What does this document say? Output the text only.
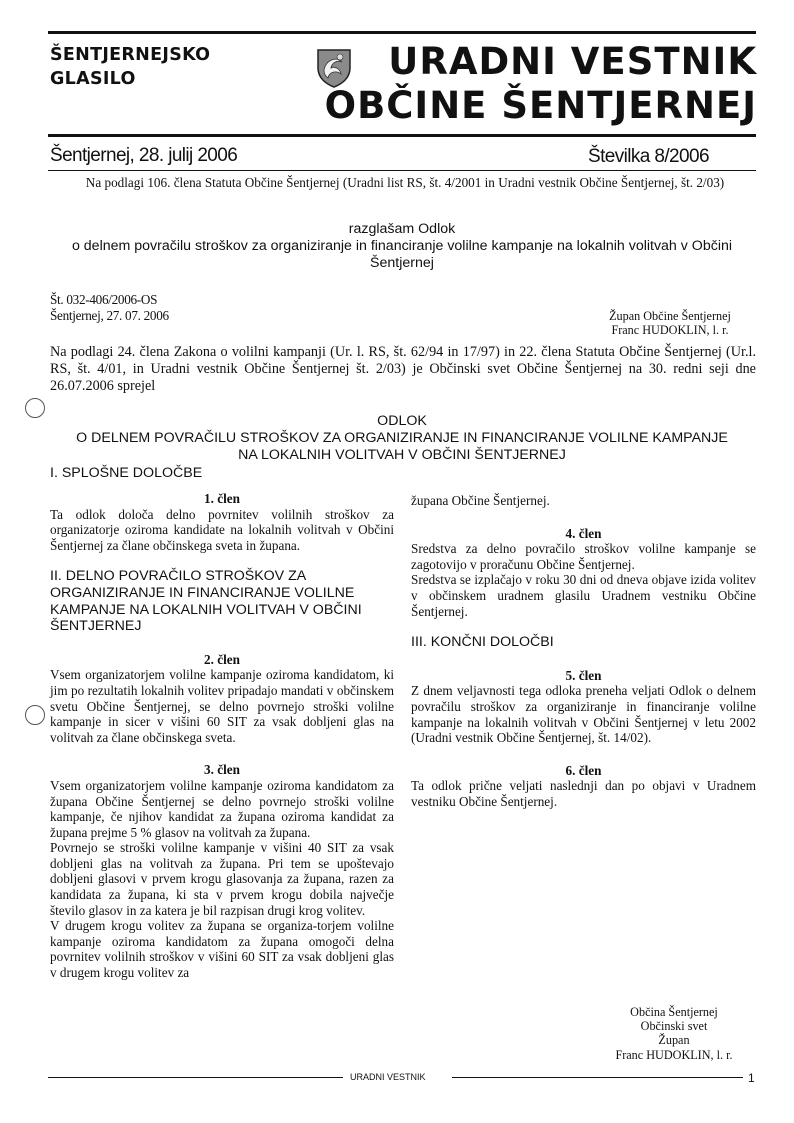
ŠENTJERNEJSKO
GLASILO	URADNI VESTNIK
OBČINE ŠENTJERNEJ
Šentjernej, 28. julij 2006	Številka 8/2006
Na podlagi 106. člena Statuta Občine Šentjernej (Uradni list RS, št. 4/2001 in Uradni vestnik Občine Šentjernej, št. 2/03)
razglašam Odlok
o delnem povračilu stroškov za organiziranje in financiranje volilne kampanje na lokalnih volitvah v Občini Šentjernej
Št. 032-406/2006-OS
Šentjernej, 27. 07. 2006	Župan Občine Šentjernej
Franc HUDOKLIN, l. r.
Na podlagi 24. člena Zakona o volilni kampanji (Ur. l. RS, št. 62/94 in 17/97) in 22. člena Statuta Občine Šentjernej (Ur.l. RS, št. 4/01, in Uradni vestnik Občine Šentjernej št. 2/03) je Občinski svet Občine Šentjernej na 30. redni seji dne 26.07.2006 sprejel
ODLOK
O DELNEM POVRAČILU STROŠKOV ZA ORGANIZIRANJE IN FINANCIRANJE VOLILNE KAMPANJE NA LOKALNIH VOLITVAH V OBČINI ŠENTJERNEJ
I. SPLOŠNE DOLOČBE
1. člen

Ta odlok določa delno povrnitev volilnih stroškov za organizatorje oziroma kandidate na lokalnih volitvah v Občini Šentjernej za člane občinskega sveta in župana.

II. DELNO POVRAČILO STROŠKOV ZA ORGANIZIRANJE IN FINANCIRANJE VOLILNE KAMPANJE NA LOKALNIH VOLITVAH V OBČINI ŠENTJERNEJ

2. člen

Vsem organizatorjem volilne kampanje oziroma kandidatom, ki jim po rezultatih lokalnih volitev pripadajo mandati v občinskem svetu Občine Šentjernej, se delno povrnejo stroški volilne kampanje in sicer v višini 60 SIT za vsak dobljeni glas na volitvah za člane občinskega sveta.

3. člen

Vsem organizatorjem volilne kampanje oziroma kandidatom za župana Občine Šentjernej se delno povrnejo stroški volilne kampanje, če njihov kandidat za župana oziroma kandidat za župana prejme 5 % glasov na volitvah za župana.

Povrnejo se stroški volilne kampanje v višini 40 SIT za vsak dobljeni glas na volitvah za župana. Pri tem se upoštevajo dobljeni glasovi v prvem krogu glasovanja za župana, razen za kandidata za župana, ki sta v prvem krogu dobila največje število glasov in za katera je bil razpisan drugi krog volitev.

V drugem krogu volitev za župana se organiza-torjem volilne kampanje oziroma kandidatom za župana omogoči delna povrnitev volilnih stroškov v višini 60 SIT za vsak dobljeni glas v drugem krogu volitev za

župana Občine Šentjernej.

4. člen

Sredstva za delno povračilo stroškov volilne kampanje se zagotovijo v proračunu Občine Šentjernej.

Sredstva se izplačajo v roku 30 dni od dneva objave izida volitev v občinskem uradnem glasilu Uradnem vestniku Občine Šentjernej.

III. KONČNI DOLOČBI

5. člen

Z dnem veljavnosti tega odloka preneha veljati Odlok o delnem povračilu stroškov za organiziranje in financiranje volilne kampanje na lokalnih volitvah v Občini Šentjernej v letu 2002 (Uradni vestnik Občine Šentjernej, št. 14/02).

6. člen

Ta odlok prične veljati naslednji dan po objavi v Uradnem vestniku Občine Šentjernej.

Občina Šentjernej
Občinski svet
Župan
Franc HUDOKLIN, l. r.
URADNI VESTNIK	1
